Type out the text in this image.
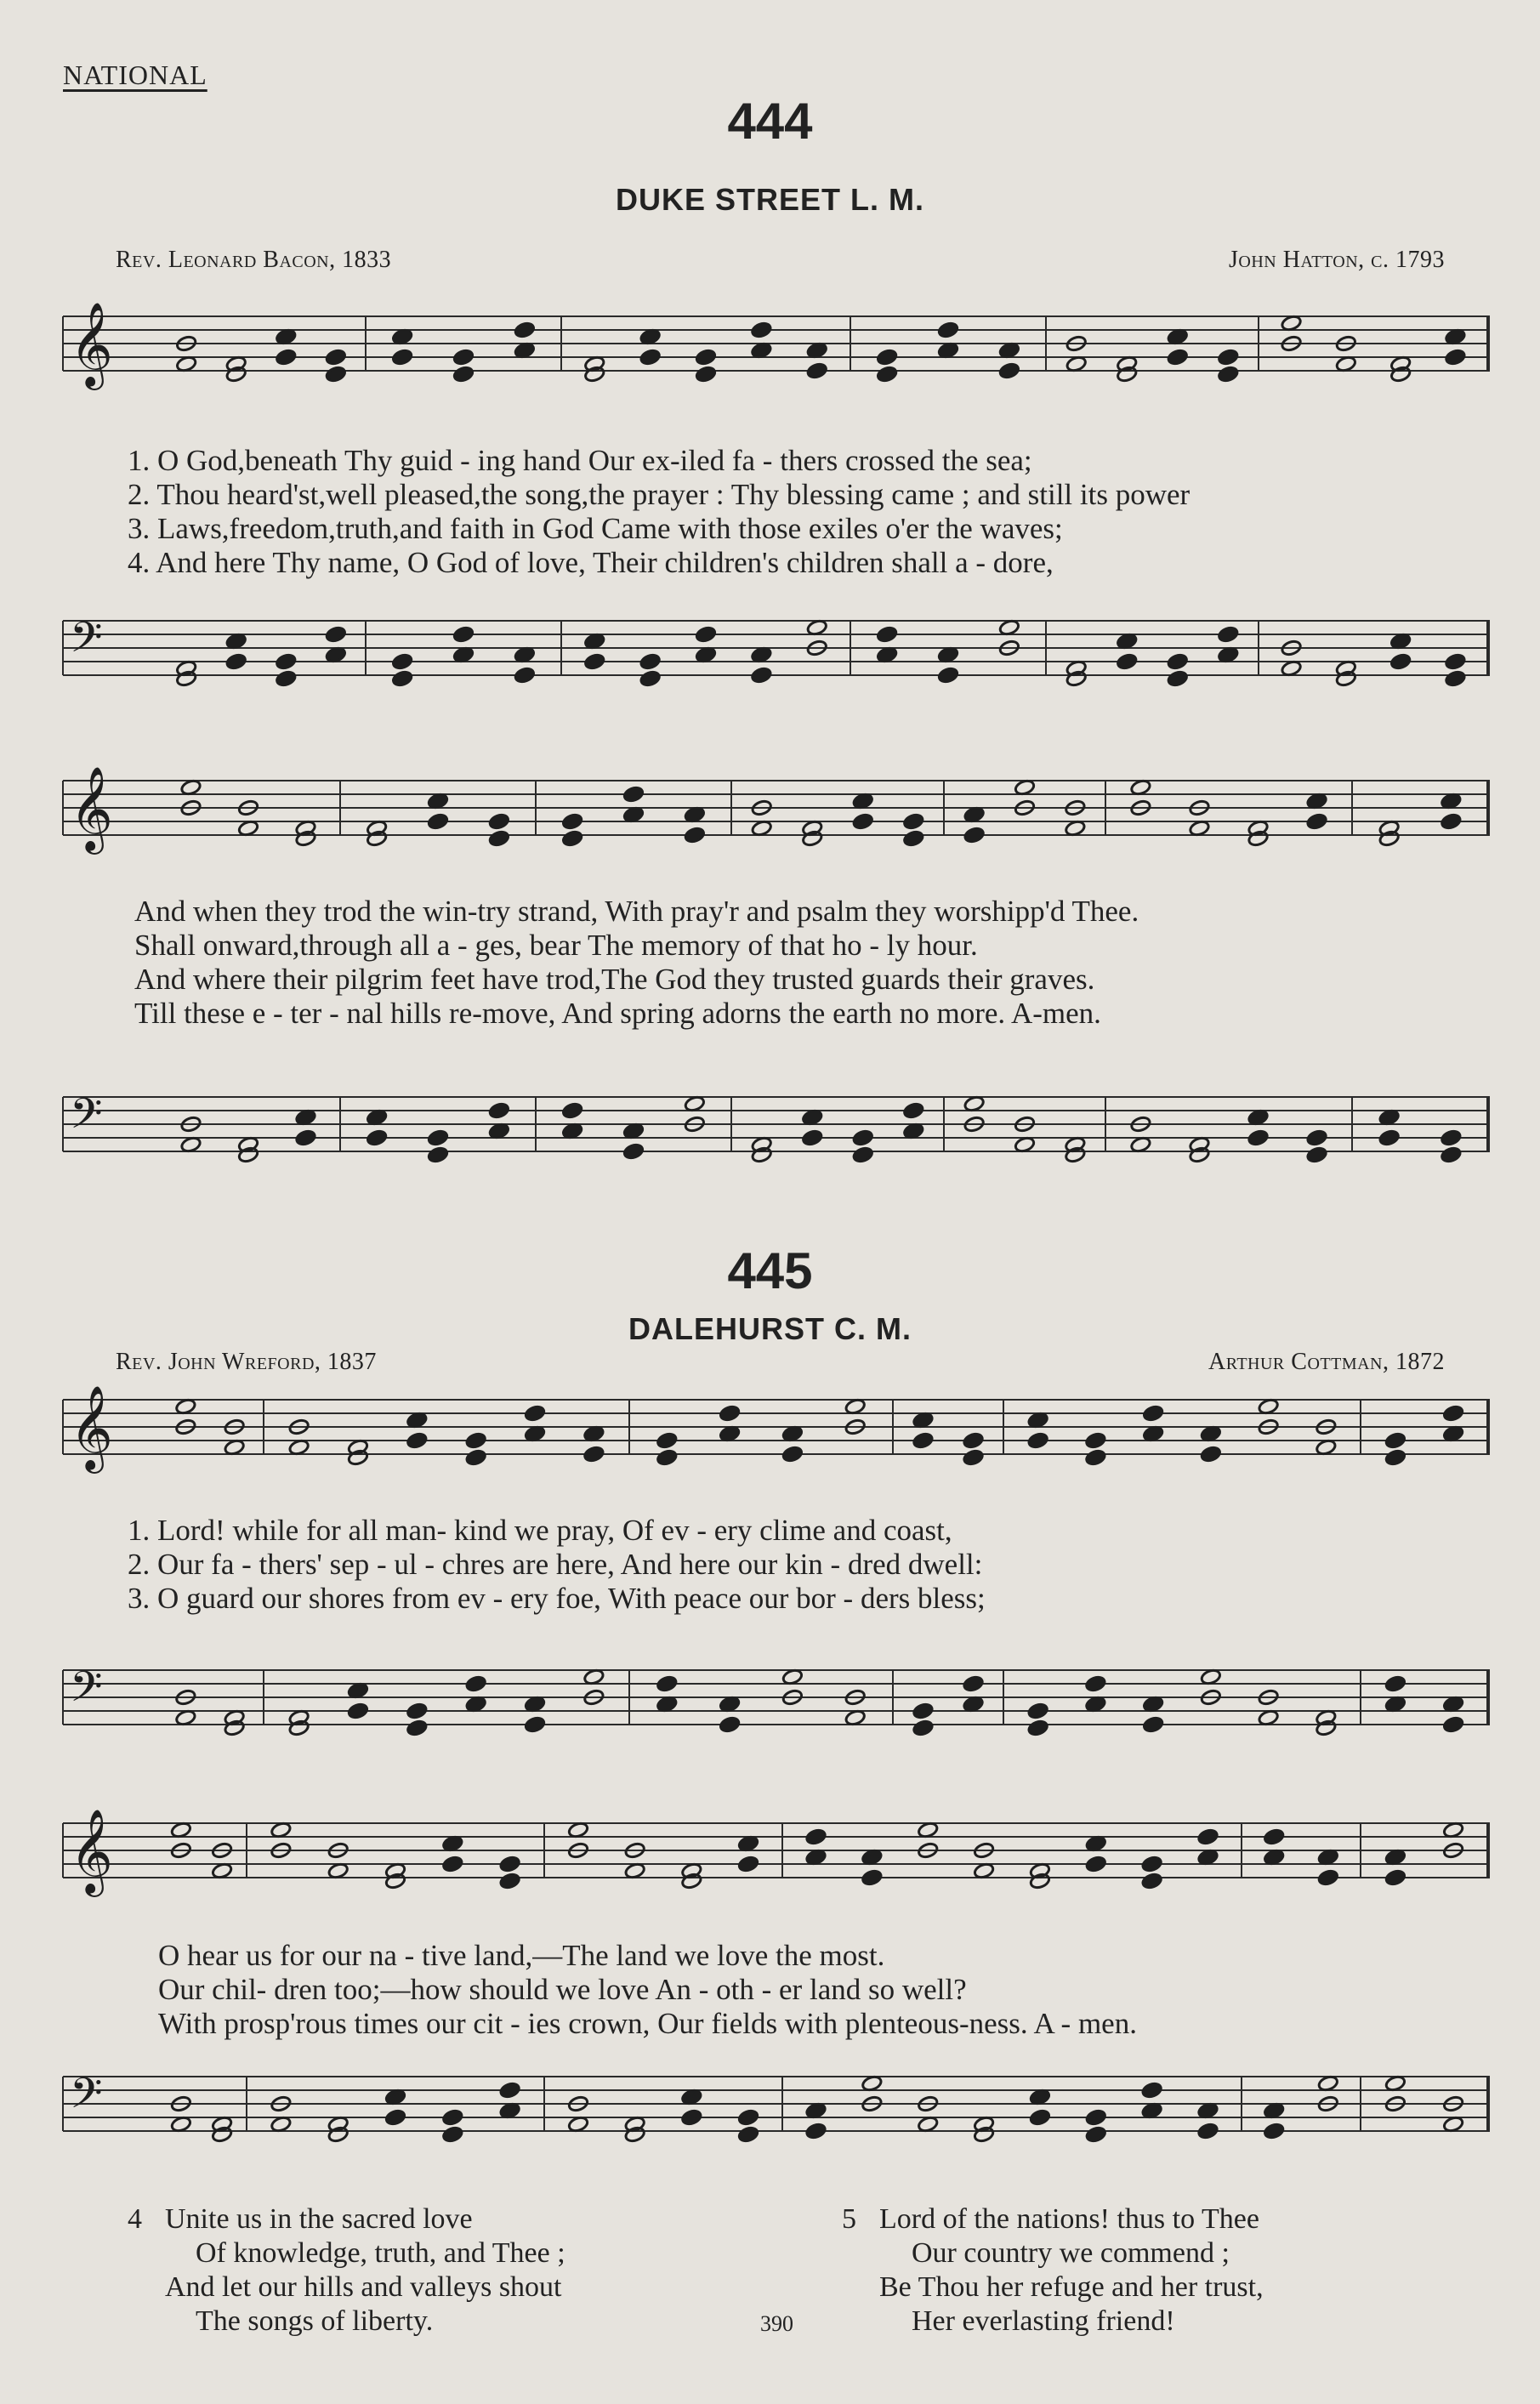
𝄞
𝄢
𝄞
𝄢
𝄞
𝄢
𝄞
𝄢
NATIONAL
444
DUKE STREET L. M.
Rev. Leonard Bacon, 1833	John Hatton, c. 1793
1. O God,beneath Thy guid - ing hand Our ex-iled fa - thers crossed the sea;
2. Thou heard'st,well pleased,the song,the prayer : Thy blessing came ; and still its power
3. Laws,freedom,truth,and faith in God Came with those exiles o'er the waves;
4. And here Thy name, O God of love, Their children's children shall a - dore,
And when they trod the win-try strand, With pray'r and psalm they worshipp'd Thee.
Shall onward,through all a - ges, bear The memory of that ho - ly hour.
And where their pilgrim feet have trod,The God they trusted guards their graves.
Till these e - ter - nal hills re-move, And spring adorns the earth no more. A-men.
445
DALEHURST C. M.
Rev. John Wreford, 1837	Arthur Cottman, 1872
1. Lord! while for all man- kind we pray, Of ev - ery clime and coast,
2. Our fa - thers' sep - ul - chres are here, And here our kin - dred dwell:
3. O guard our shores from ev - ery foe, With peace our bor - ders bless;
O hear us for our na - tive land,—The land we love the most.
Our chil- dren too;—how should we love An - oth - er land so well?
With prosp'rous times our cit - ies crown, Our fields with plenteous-ness. A - men.
4 Unite us in the sacred love
Of knowledge, truth, and Thee ;
And let our hills and valleys shout
The songs of liberty.	390
5 Lord of the nations! thus to Thee
Our country we commend ;
Be Thou her refuge and her trust,
Her everlasting friend!
